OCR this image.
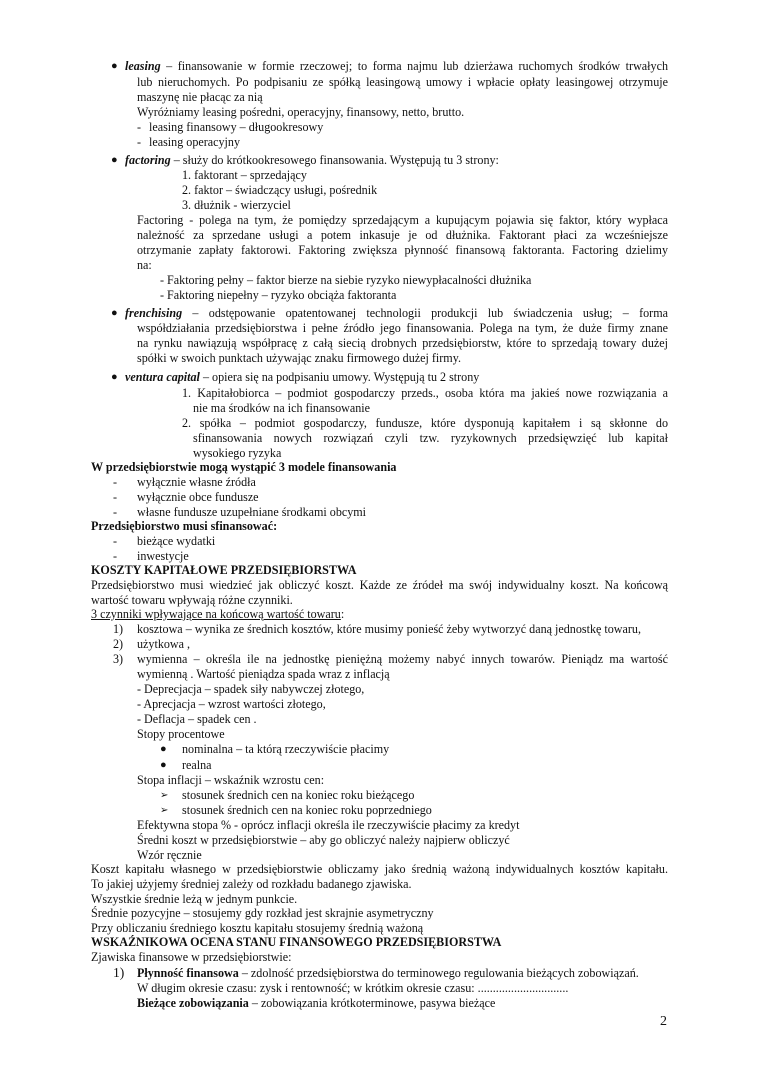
● leasing – finansowanie w formie rzeczowej; to forma najmu lub dzierżawa ruchomych środków trwałych
lub nieruchomych. Po podpisaniu ze spółką leasingową umowy i wpłacie opłaty leasingowej otrzymuje
maszynę nie płacąc za nią
Wyróżniamy leasing pośredni, operacyjny, finansowy, netto, brutto.
- leasing finansowy – długookresowy
- leasing operacyjny
● factoring – służy do krótkookresowego finansowania. Występują tu 3 strony:
1. faktorant – sprzedający
2. faktor – świadczący usługi, pośrednik
3. dłużnik - wierzyciel
Factoring - polega na tym, że pomiędzy sprzedającym a kupującym pojawia się faktor, który wypłaca
należność za sprzedane usługi a potem inkasuje je od dłużnika. Faktorant płaci za wcześniejsze
otrzymanie zapłaty faktorowi. Faktoring zwiększa płynność finansową faktoranta. Factoring dzielimy
na:
- Faktoring pełny – faktor bierze na siebie ryzyko niewypłacalności dłużnika
- Faktoring niepełny – ryzyko obciąża faktoranta
● frenchising – odstępowanie opatentowanej technologii produkcji lub świadczenia usług; – forma
współdziałania przedsiębiorstwa i pełne źródło jego finansowania. Polega na tym, że duże firmy znane
na rynku nawiązują współpracę z całą siecią drobnych przedsiębiorstw, które to sprzedają towary dużej
spółki w swoich punktach używając znaku firmowego dużej firmy.
● ventura capital – opiera się na podpisaniu umowy. Występują tu 2 strony
1. Kapitałobiorca – podmiot gospodarczy przeds., osoba która ma jakieś nowe rozwiązania a
nie ma środków na ich finansowanie
2. spółka – podmiot gospodarczy, fundusze, które dysponują kapitałem i są skłonne do
sfinansowania nowych rozwiązań czyli tzw. ryzykownych przedsięwzięć lub kapitał
wysokiego ryzyka
W przedsiębiorstwie mogą wystąpić 3 modele finansowania
- wyłącznie własne źródła
- wyłącznie obce fundusze
- własne fundusze uzupełniane środkami obcymi
Przedsiębiorstwo musi sfinansować:
- bieżące wydatki
- inwestycje
KOSZTY KAPITAŁOWE PRZEDSIĘBIORSTWA
Przedsiębiorstwo musi wiedzieć jak obliczyć koszt. Każde ze źródeł ma swój indywidualny koszt. Na końcową
wartość towaru wpływają różne czynniki.
3 czynniki wpływające na końcową wartość towaru:
1) kosztowa – wynika ze średnich kosztów, które musimy ponieść żeby wytworzyć daną jednostkę towaru,
2) użytkowa ,
3) wymienna – określa ile na jednostkę pieniężną możemy nabyć innych towarów. Pieniądz ma wartość
wymienną . Wartość pieniądza spada wraz z inflacją
- Deprecjacja – spadek siły nabywczej złotego,
- Aprecjacja – wzrost wartości złotego,
- Deflacja – spadek cen .
Stopy procentowe
● nominalna – ta którą rzeczywiście płacimy
● realna
Stopa inflacji – wskaźnik wzrostu cen:
➢ stosunek średnich cen na koniec roku bieżącego
➢ stosunek średnich cen na koniec roku poprzedniego
Efektywna stopa % - oprócz inflacji określa ile rzeczywiście płacimy za kredyt
Średni koszt w przedsiębiorstwie – aby go obliczyć należy najpierw obliczyć
Wzór ręcznie
Koszt kapitału własnego w przedsiębiorstwie obliczamy jako średnią ważoną indywidualnych kosztów kapitału.
To jakiej użyjemy średniej zależy od rozkładu badanego zjawiska.
Wszystkie średnie leżą w jednym punkcie.
Średnie pozycyjne – stosujemy gdy rozkład jest skrajnie asymetryczny
Przy obliczaniu średniego kosztu kapitału stosujemy średnią ważoną
WSKAŹNIKOWA OCENA STANU FINANSOWEGO PRZEDSIĘBIORSTWA
Zjawiska finansowe w przedsiębiorstwie:
1) Płynność finansowa – zdolność przedsiębiorstwa do terminowego regulowania bieżących zobowiązań.
W długim okresie czasu: zysk i rentowność; w krótkim okresie czasu: ..............................
Bieżące zobowiązania – zobowiązania krótkoterminowe, pasywa bieżące
2
